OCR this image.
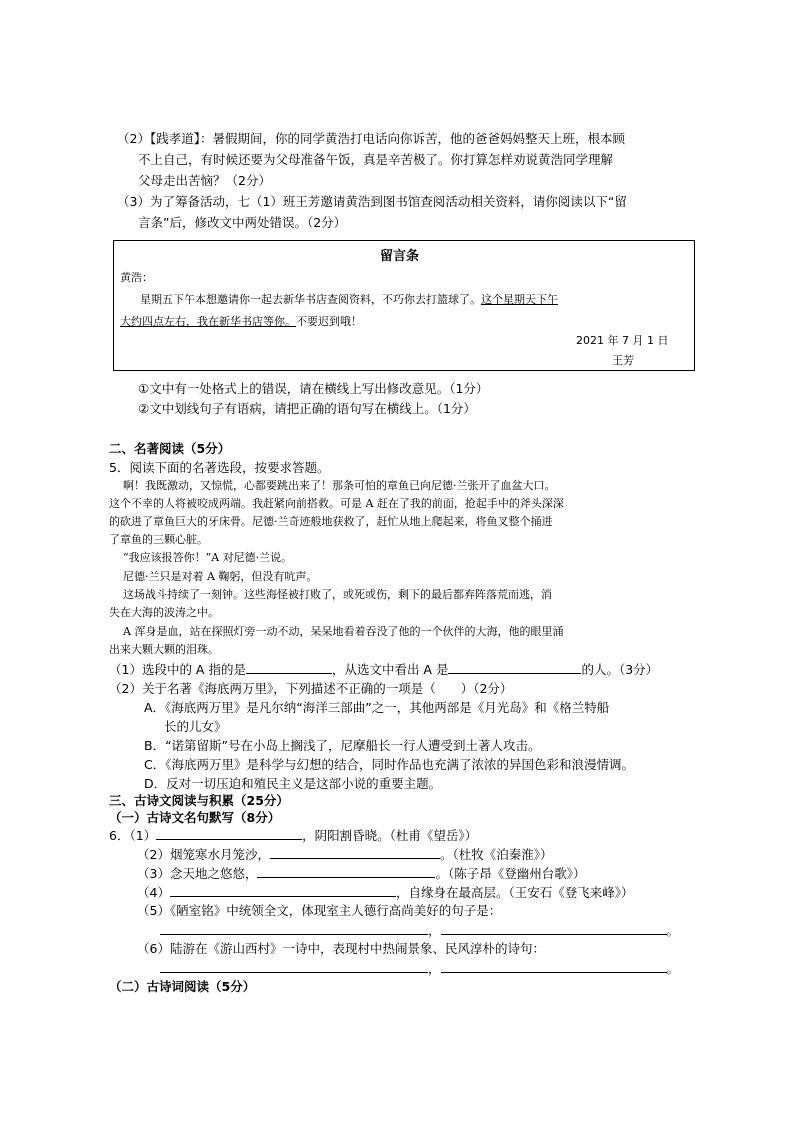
（2）【践孝道】：暑假期间，你的同学黄浩打电话向你诉苦，他的爸爸妈妈整天上班，根本顾
不上自己，有时候还要为父母准备午饭，真是辛苦极了。你打算怎样劝说黄浩同学理解
父母走出苦恼？（2分）
（3）为了筹备活动，七（1）班王芳邀请黄浩到图书馆查阅活动相关资料，请你阅读以下“留
言条”后，修改文中两处错误。（2分）
留言条
黄浩：
星期五下午本想邀请你一起去新华书店查阅资料，不巧你去打篮球了。这个星期天下午
大约四点左右，我在新华书店等你。不要迟到哦！
2021 年 7 月 1 日
王芳
①文中有一处格式上的错误，请在横线上写出修改意见。（1分）
②文中划线句子有语病，请把正确的语句写在横线上。（1分）
二、名著阅读（5分）
5．阅读下面的名著选段，按要求答题。
啊！我既激动，又惊慌，心都要跳出来了！那条可怕的章鱼已向尼德·兰张开了血盆大口。
这个不幸的人将被咬成两端。我赶紧向前搭救。可是 A 赶在了我的前面，抢起手中的斧头深深
的砍进了章鱼巨大的牙床骨。尼德·兰奇迹般地获救了，赶忙从地上爬起来，将鱼叉整个捅进
了章鱼的三颗心脏。
“我应该报答你！”A 对尼德·兰说。
尼德·兰只是对着 A 鞠躬，但没有吭声。
这场战斗持续了一刻钟。这些海怪被打败了，或死或伤，剩下的最后都弃阵落荒而逃，消
失在大海的波涛之中。
A 浑身是血，站在探照灯旁一动不动，呆呆地看着吞没了他的一个伙伴的大海，他的眼里涌
出来大颗大颗的泪珠。
（1）选段中的 A 指的是	，从选文中看出 A 是	的人。（3分）
（2）关于名著《海底两万里》，下列描述不正确的一项是（　　）（2分）
A．《海底两万里》是凡尔纳“海洋三部曲”之一，其他两部是《月光岛》和《格兰特船
长的儿女》
B．“诺第留斯”号在小岛上搁浅了，尼摩船长一行人遭受到土著人攻击。
C．《海底两万里》是科学与幻想的结合，同时作品也充满了浓浓的异国色彩和浪漫情调。
D．反对一切压迫和殖民主义是这部小说的重要主题。
三、古诗文阅读与积累（25分）
（一）古诗文名句默写（8分）
6．（1）	，阴阳割昏晓。（杜甫《望岳》）
（2）烟笼寒水月笼沙，	。（杜牧《泊秦淮》）
（3）念天地之悠悠，	。（陈子昂《登幽州台歌》）
（4）	，自缘身在最高层。（王安石《登飞来峰》）
（5）《陋室铭》中统领全文，体现室主人德行高尚美好的句子是：
，	。
（6）陆游在《游山西村》一诗中，表现村中热闹景象、民风淳朴的诗句：
，	。
（二）古诗词阅读（5分）
